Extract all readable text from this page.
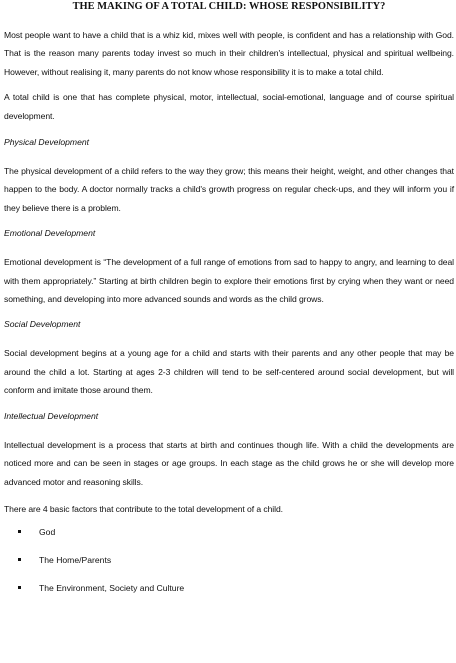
THE MAKING OF A TOTAL CHILD: WHOSE RESPONSIBILITY?

Most people want to have a child that is a whiz kid, mixes well with people, is confident and has a relationship with God. That is the reason many parents today invest so much in their children's intellectual, physical and spiritual wellbeing. However, without realising it, many parents do not know whose responsibility it is to make a total child.

A total child is one that has complete physical, motor, intellectual, social-emotional, language and of course spiritual development.

Physical Development

The physical development of a child refers to the way they grow; this means their height, weight, and other changes that happen to the body. A doctor normally tracks a child's growth progress on regular check-ups, and they will inform you if they believe there is a problem.

Emotional Development

Emotional development is “The development of a full range of emotions from sad to happy to angry, and learning to deal with them appropriately.” Starting at birth children begin to explore their emotions first by crying when they want or need something, and developing into more advanced sounds and words as the child grows.

Social Development

Social development begins at a young age for a child and starts with their parents and any other people that may be around the child a lot. Starting at ages 2-3 children will tend to be self-centered around social development, but will conform and imitate those around them.

Intellectual Development

Intellectual development is a process that starts at birth and continues though life. With a child the developments are noticed more and can be seen in stages or age groups. In each stage as the child grows he or she will develop more advanced motor and reasoning skills.

There are 4 basic factors that contribute to the total development of a child.

God
The Home/Parents
The Environment, Society and Culture
